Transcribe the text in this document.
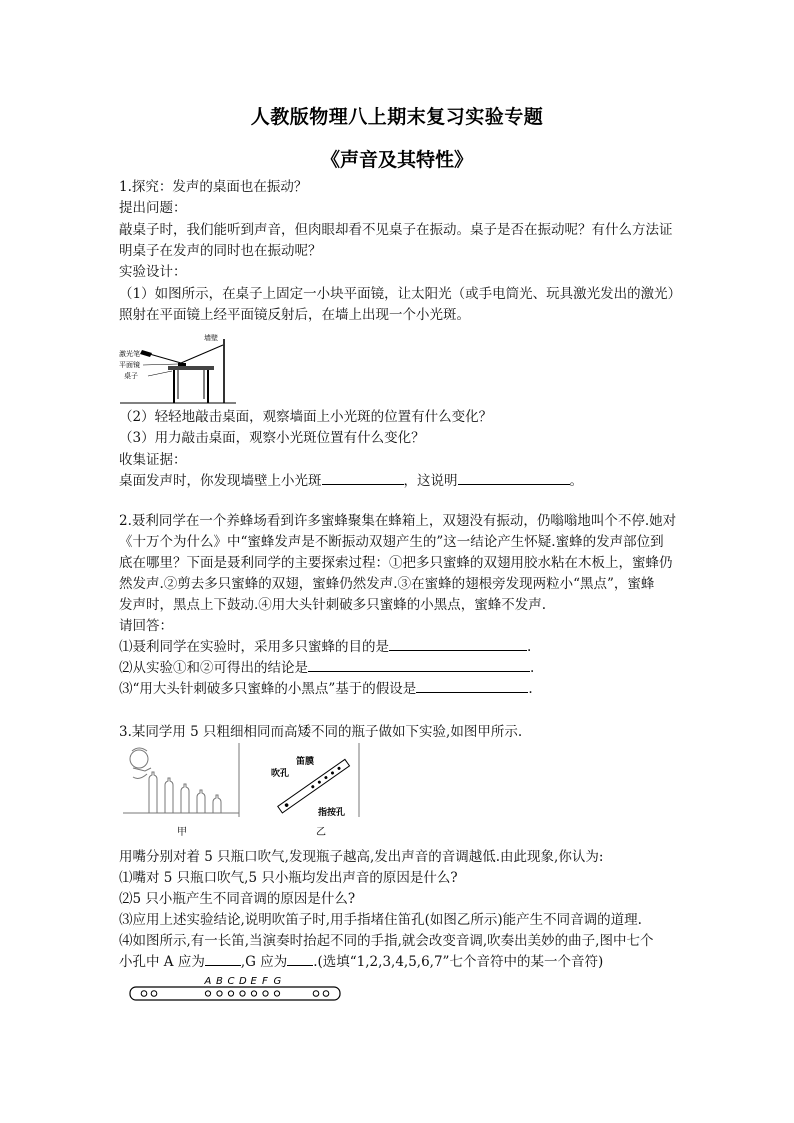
人教版物理八上期末复习实验专题
《声音及其特性》
1.探究：发声的桌面也在振动？
提出问题：
敲桌子时，我们能听到声音，但肉眼却看不见桌子在振动。桌子是否在振动呢？有什么方法证
明桌子在发声的同时也在振动呢？
实验设计：
（1）如图所示，在桌子上固定一小块平面镜，让太阳光（或手电筒光、玩具激光发出的激光）
照射在平面镜上经平面镜反射后，在墙上出现一个小光斑。
墙壁
激光笔
平面镜
桌子
（2）轻轻地敲击桌面，观察墙面上小光斑的位置有什么变化？
（3）用力敲击桌面，观察小光斑位置有什么变化？
收集证据：
桌面发声时，你发现墙壁上小光斑	，这说明	。
2.聂利同学在一个养蜂场看到许多蜜蜂聚集在蜂箱上，双翅没有振动，仍嗡嗡地叫个不停.她对
《十万个为什么》中“蜜蜂发声是不断振动双翅产生的”这一结论产生怀疑.蜜蜂的发声部位到
底在哪里？下面是聂利同学的主要探索过程：①把多只蜜蜂的双翅用胶水粘在木板上，蜜蜂仍
然发声.②剪去多只蜜蜂的双翅，蜜蜂仍然发声.③在蜜蜂的翅根旁发现两粒小“黑点”，蜜蜂
发声时，黑点上下鼓动.④用大头针刺破多只蜜蜂的小黑点，蜜蜂不发声.
请回答：
⑴聂利同学在实验时，采用多只蜜蜂的目的是	.
⑵从实验①和②可得出的结论是	.
⑶“用大头针刺破多只蜜蜂的小黑点”基于的假设是	.
3.某同学用 5 只粗细相同而高矮不同的瓶子做如下实验,如图甲所示.
吹孔
笛膜
指按孔
甲	乙
用嘴分别对着 5 只瓶口吹气,发现瓶子越高,发出声音的音调越低.由此现象,你认为:
⑴嘴对 5 只瓶口吹气,5 只小瓶均发出声音的原因是什么?
⑵5 只小瓶产生不同音调的原因是什么?
⑶应用上述实验结论,说明吹笛子时,用手指堵住笛孔(如图乙所示)能产生不同音调的道理.
⑷如图所示,有一长笛,当演奏时抬起不同的手指,就会改变音调,吹奏出美妙的曲子,图中七个
小孔中 A 应为	,G 应为 .(选填“1,2,3,4,5,6,7”七个音符中的某一个音符)
A B C D E F G
